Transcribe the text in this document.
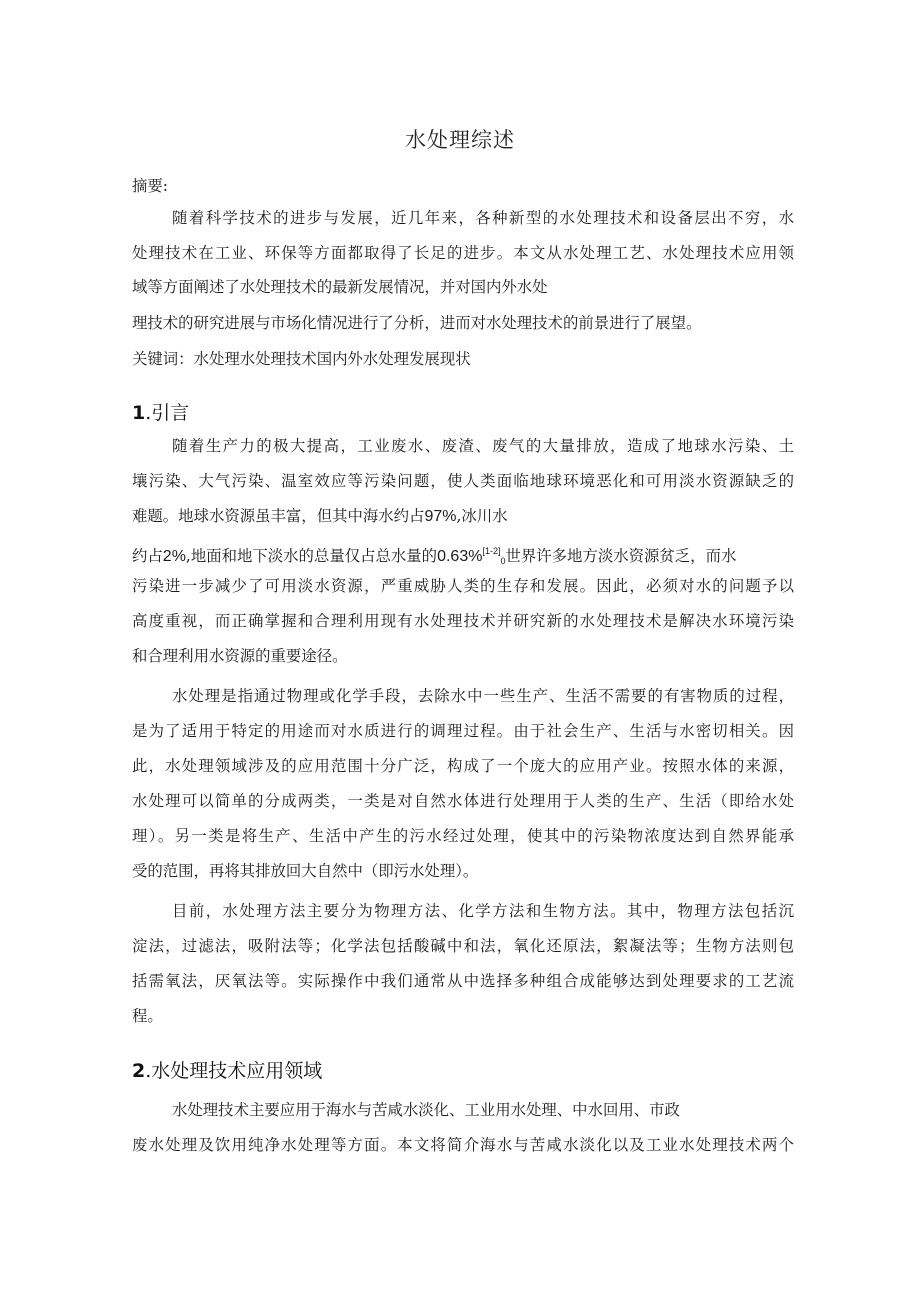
水处理综述
摘要:
随着科学技术的进步与发展，近几年来，各种新型的水处理技术和设备层出不穷，水
处理技术在工业、环保等方面都取得了长足的进步。本文从水处理工艺、水处理技术应用领
域等方面阐述了水处理技术的最新发展情况，并对国内外水处
理技术的研究进展与市场化情况进行了分析，进而对水处理技术的前景进行了展望。
关键词：水处理水处理技术国内外水处理发展现状
1.引言
随着生产力的极大提高，工业废水、废渣、废气的大量排放，造成了地球水污染、土
壤污染、大气污染、温室效应等污染问题，使人类面临地球环境恶化和可用淡水资源缺乏的
难题。地球水资源虽丰富，但其中海水约占97%,冰川水
约占2%,地面和地下淡水的总量仅占总水量的$0.63\%[1-2]_0$世界许多地方淡水资源贫乏，而水
污染进一步减少了可用淡水资源，严重威胁人类的生存和发展。因此，必须对水的问题予以
高度重视，而正确掌握和合理利用现有水处理技术并研究新的水处理技术是解决水环境污染
和合理利用水资源的重要途径。
水处理是指通过物理或化学手段，去除水中一些生产、生活不需要的有害物质的过程，
是为了适用于特定的用途而对水质进行的调理过程。由于社会生产、生活与水密切相关。因
此，水处理领域涉及的应用范围十分广泛，构成了一个庞大的应用产业。按照水体的来源，
水处理可以简单的分成两类，一类是对自然水体进行处理用于人类的生产、生活（即给水处
理）。另一类是将生产、生活中产生的污水经过处理，使其中的污染物浓度达到自然界能承
受的范围，再将其排放回大自然中（即污水处理）。
目前，水处理方法主要分为物理方法、化学方法和生物方法。其中，物理方法包括沉
淀法，过滤法，吸附法等；化学法包括酸碱中和法，氧化还原法，絮凝法等；生物方法则包
括需氧法，厌氧法等。实际操作中我们通常从中选择多种组合成能够达到处理要求的工艺流
程。
2.水处理技术应用领域
水处理技术主要应用于海水与苦咸水淡化、工业用水处理、中水回用、市政
废水处理及饮用纯净水处理等方面。本文将简介海水与苦咸水淡化以及工业水处理技术两个
